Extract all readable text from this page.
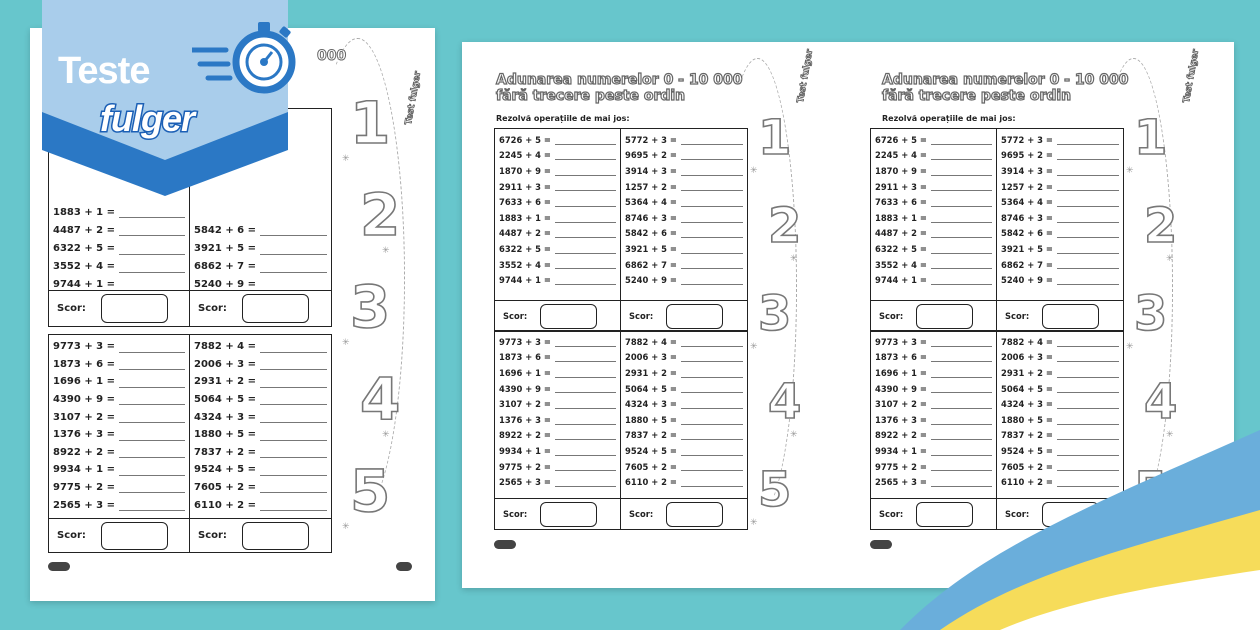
000
Test fulger
1883 + 1 =
4487 + 2 =
6322 + 5 =
3552 + 4 =
9744 + 1 =
Scor:
5842 + 6 =
3921 + 5 =
6862 + 7 =
5240 + 9 =
Scor:
9773 + 3 =
1873 + 6 =
1696 + 1 =
4390 + 9 =
3107 + 2 =
1376 + 3 =
8922 + 2 =
9934 + 1 =
9775 + 2 =
2565 + 3 =
Scor:
7882 + 4 =
2006 + 3 =
2931 + 2 =
5064 + 5 =
4324 + 3 =
1880 + 5 =
7837 + 2 =
9524 + 5 =
7605 + 2 =
6110 + 2 =
Scor:
1
✳
2
✳
3
✳
4
✳
5
✳
Adunarea numerelor 0 - 10 000
fără trecere peste ordin
Rezolvă operațiile de mai jos:
Test fulger
6726 + 5 =
2245 + 4 =
1870 + 9 =
2911 + 3 =
7633 + 6 =
1883 + 1 =
4487 + 2 =
6322 + 5 =
3552 + 4 =
9744 + 1 =
Scor:
5772 + 3 =
9695 + 2 =
3914 + 3 =
1257 + 2 =
5364 + 4 =
8746 + 3 =
5842 + 6 =
3921 + 5 =
6862 + 7 =
5240 + 9 =
Scor:
9773 + 3 =
1873 + 6 =
1696 + 1 =
4390 + 9 =
3107 + 2 =
1376 + 3 =
8922 + 2 =
9934 + 1 =
9775 + 2 =
2565 + 3 =
Scor:
7882 + 4 =
2006 + 3 =
2931 + 2 =
5064 + 5 =
4324 + 3 =
1880 + 5 =
7837 + 2 =
9524 + 5 =
7605 + 2 =
6110 + 2 =
Scor:
1
✳
2
✳
3
✳
4
✳
5
✳
Adunarea numerelor 0 - 10 000
fără trecere peste ordin
Rezolvă operațiile de mai jos:
Test fulger
6726 + 5 =
2245 + 4 =
1870 + 9 =
2911 + 3 =
7633 + 6 =
1883 + 1 =
4487 + 2 =
6322 + 5 =
3552 + 4 =
9744 + 1 =
Scor:
5772 + 3 =
9695 + 2 =
3914 + 3 =
1257 + 2 =
5364 + 4 =
8746 + 3 =
5842 + 6 =
3921 + 5 =
6862 + 7 =
5240 + 9 =
Scor:
9773 + 3 =
1873 + 6 =
1696 + 1 =
4390 + 9 =
3107 + 2 =
1376 + 3 =
8922 + 2 =
9934 + 1 =
9775 + 2 =
2565 + 3 =
Scor:
7882 + 4 =
2006 + 3 =
2931 + 2 =
5064 + 5 =
4324 + 3 =
1880 + 5 =
7837 + 2 =
9524 + 5 =
7605 + 2 =
6110 + 2 =
Scor:
1
✳
2
✳
3
✳
4
✳
Teste
fulger
